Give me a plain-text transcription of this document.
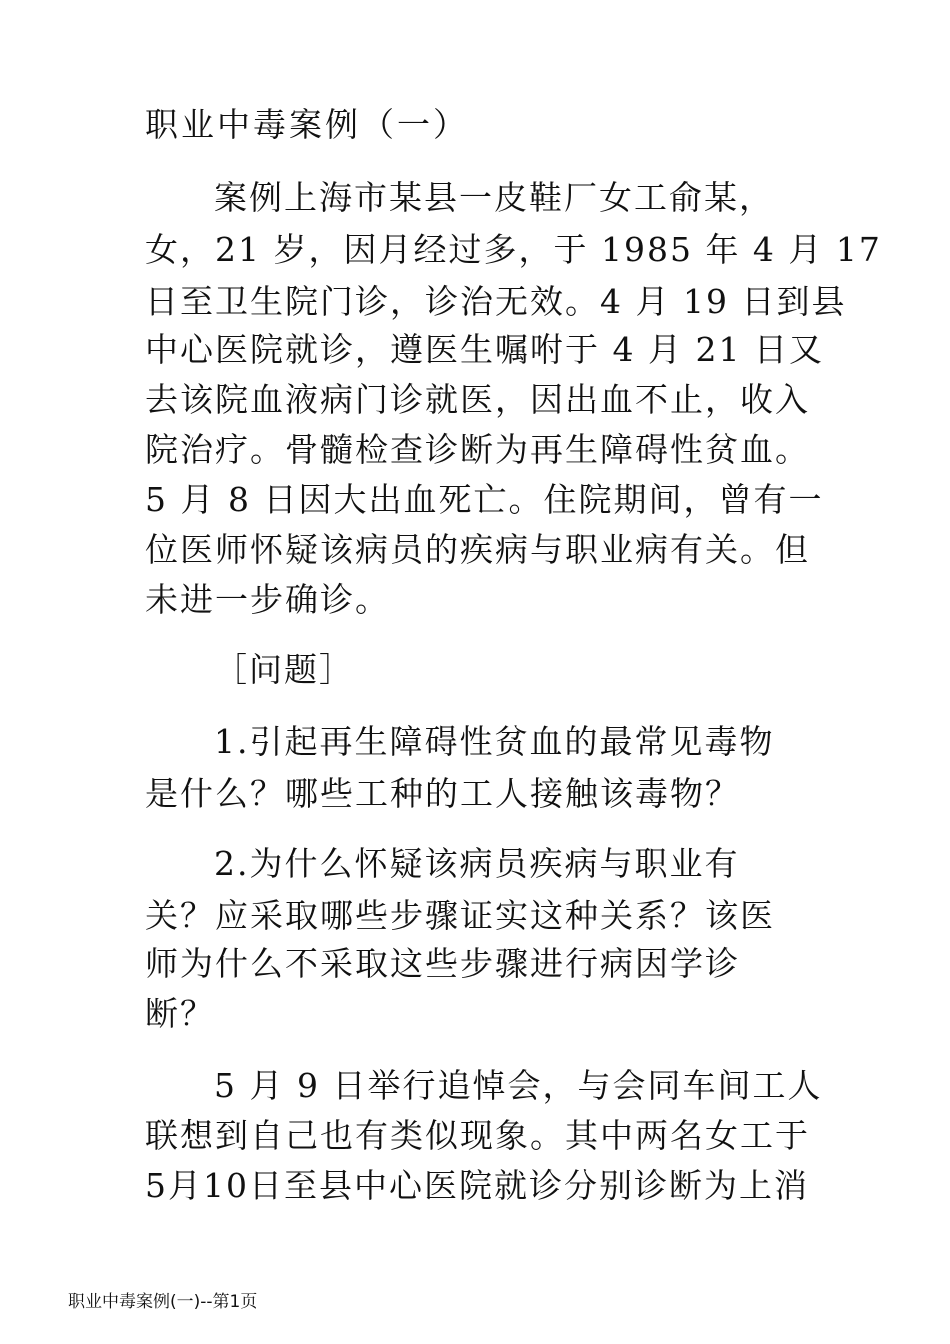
职业中毒案例（一）
案例上海市某县一皮鞋厂女工俞某，
女，21 岁，因月经过多，于 1985 年 4 月 17
日至卫生院门诊，诊治无效。4 月 19 日到县
中心医院就诊，遵医生嘱咐于 4 月 21 日又
去该院血液病门诊就医，因出血不止，收入
院治疗。骨髓检查诊断为再生障碍性贫血。
5 月 8 日因大出血死亡。住院期间，曾有一
位医师怀疑该病员的疾病与职业病有关。但
未进一步确诊。
［问题］
1.引起再生障碍性贫血的最常见毒物
是什么？哪些工种的工人接触该毒物？
2.为什么怀疑该病员疾病与职业有
关？应采取哪些步骤证实这种关系？该医
师为什么不采取这些步骤进行病因学诊
断？
5 月 9 日举行追悼会，与会同车间工人
联想到自己也有类似现象。其中两名女工于
5月10日至县中心医院就诊分别诊断为上消
职业中毒案例(一)--第1页
